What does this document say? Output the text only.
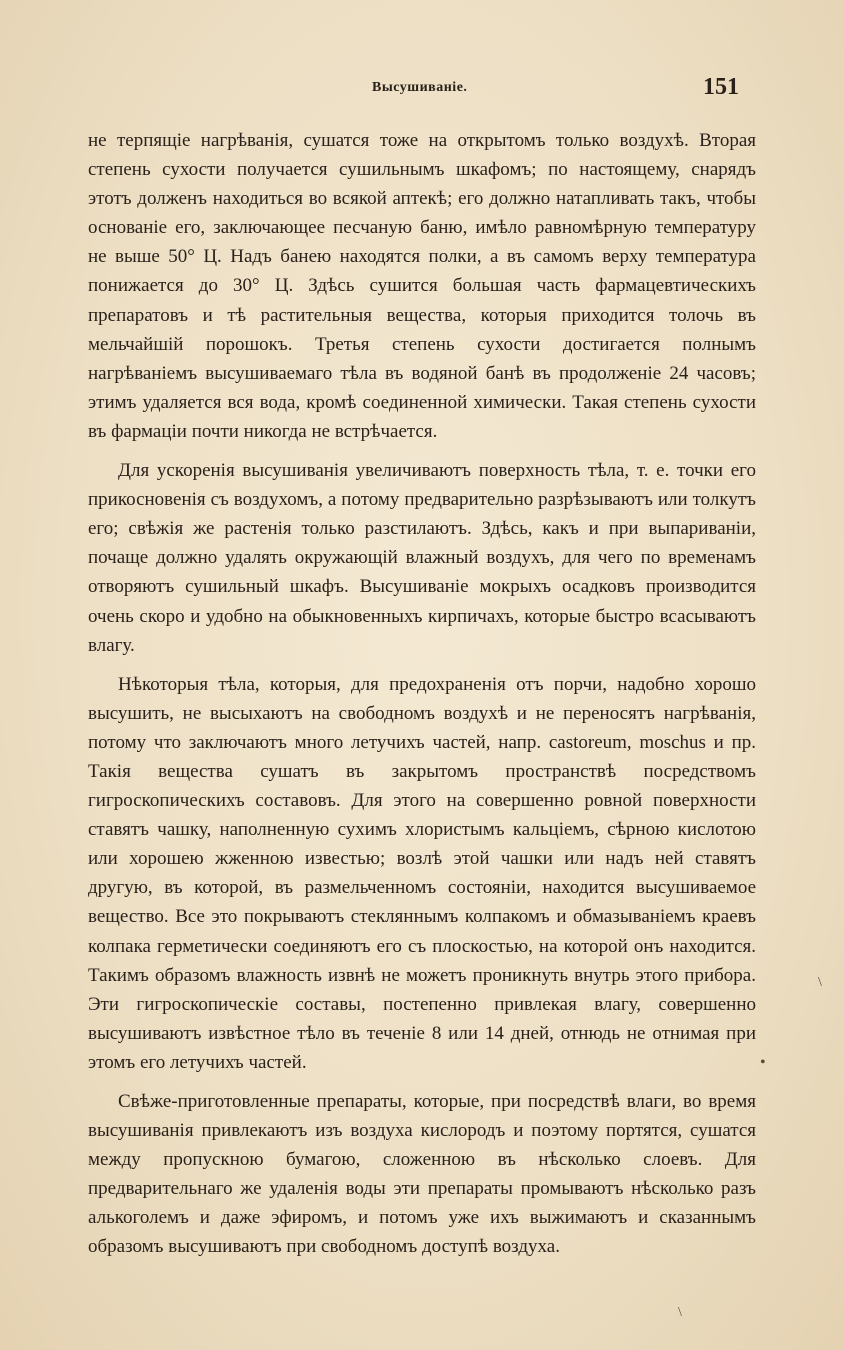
Высушиваніе.	151

не терпящіе нагрѣванія, сушатся тоже на открытомъ только воздухѣ. Вторая степень сухости получается сушильнымъ шкафомъ; по настоящему, снарядъ этотъ долженъ находиться во всякой аптекѣ; его должно натапливать такъ, чтобы основаніе его, заключающее песчаную баню, имѣло равномѣрную температуру не выше 50° Ц. Надъ банею находятся полки, а въ самомъ верху температура понижается до 30° Ц. Здѣсь сушится большая часть фармацевтическихъ препаратовъ и тѣ растительныя вещества, которыя приходится толочь въ мельчайшій порошокъ. Третья степень сухости достигается полнымъ нагрѣваніемъ высушиваемаго тѣла въ водяной банѣ въ продолженіе 24 часовъ; этимъ удаляется вся вода, кромѣ соединенной химически. Такая степень сухости въ фармаціи почти никогда не встрѣчается.

Для ускоренія высушиванія увеличиваютъ поверхность тѣла, т. е. точки его прикосновенія съ воздухомъ, а потому предварительно разрѣзываютъ или толкутъ его; свѣжія же растенія только разстилаютъ. Здѣсь, какъ и при выпариваніи, почаще должно удалять окружающій влажный воздухъ, для чего по временамъ отворяютъ сушильный шкафъ. Высушиваніе мокрыхъ осадковъ производится очень скоро и удобно на обыкновенныхъ кирпичахъ, которые быстро всасываютъ влагу.

Нѣкоторыя тѣла, которыя, для предохраненія отъ порчи, надобно хорошо высушить, не высыхаютъ на свободномъ воздухѣ и не переносятъ нагрѣванія, потому что заключаютъ много летучихъ частей, напр. castoreum, moschus и пр. Такія вещества сушатъ въ закрытомъ пространствѣ посредствомъ гигроскопическихъ составовъ. Для этого на совершенно ровной поверхности ставятъ чашку, наполненную сухимъ хлористымъ кальціемъ, сѣрною кислотою или хорошею жженною известью; возлѣ этой чашки или надъ ней ставятъ другую, въ которой, въ размельченномъ состояніи, находится высушиваемое вещество. Все это покрываютъ стекляннымъ колпакомъ и обмазываніемъ краевъ колпака герметически соединяютъ его съ плоскостью, на которой онъ находится. Такимъ образомъ влажность извнѣ не можетъ проникнуть внутрь этого прибора. Эти гигроскопическіе составы, постепенно привлекая влагу, совершенно высушиваютъ извѣстное тѣло въ теченіе 8 или 14 дней, отнюдь не отнимая при этомъ его летучихъ частей.

Свѣже-приготовленные препараты, которые, при посредствѣ влаги, во время высушиванія привлекаютъ изъ воздуха кислородъ и поэтому портятся, сушатся между пропускною бумагою, сложенною въ нѣсколько слоевъ. Для предварительнаго же удаленія воды эти препараты промываютъ нѣсколько разъ алькоголемъ и даже эфиромъ, и потомъ уже ихъ выжимаютъ и сказаннымъ образомъ высушиваютъ при свободномъ доступѣ воздуха.

\
•
\
